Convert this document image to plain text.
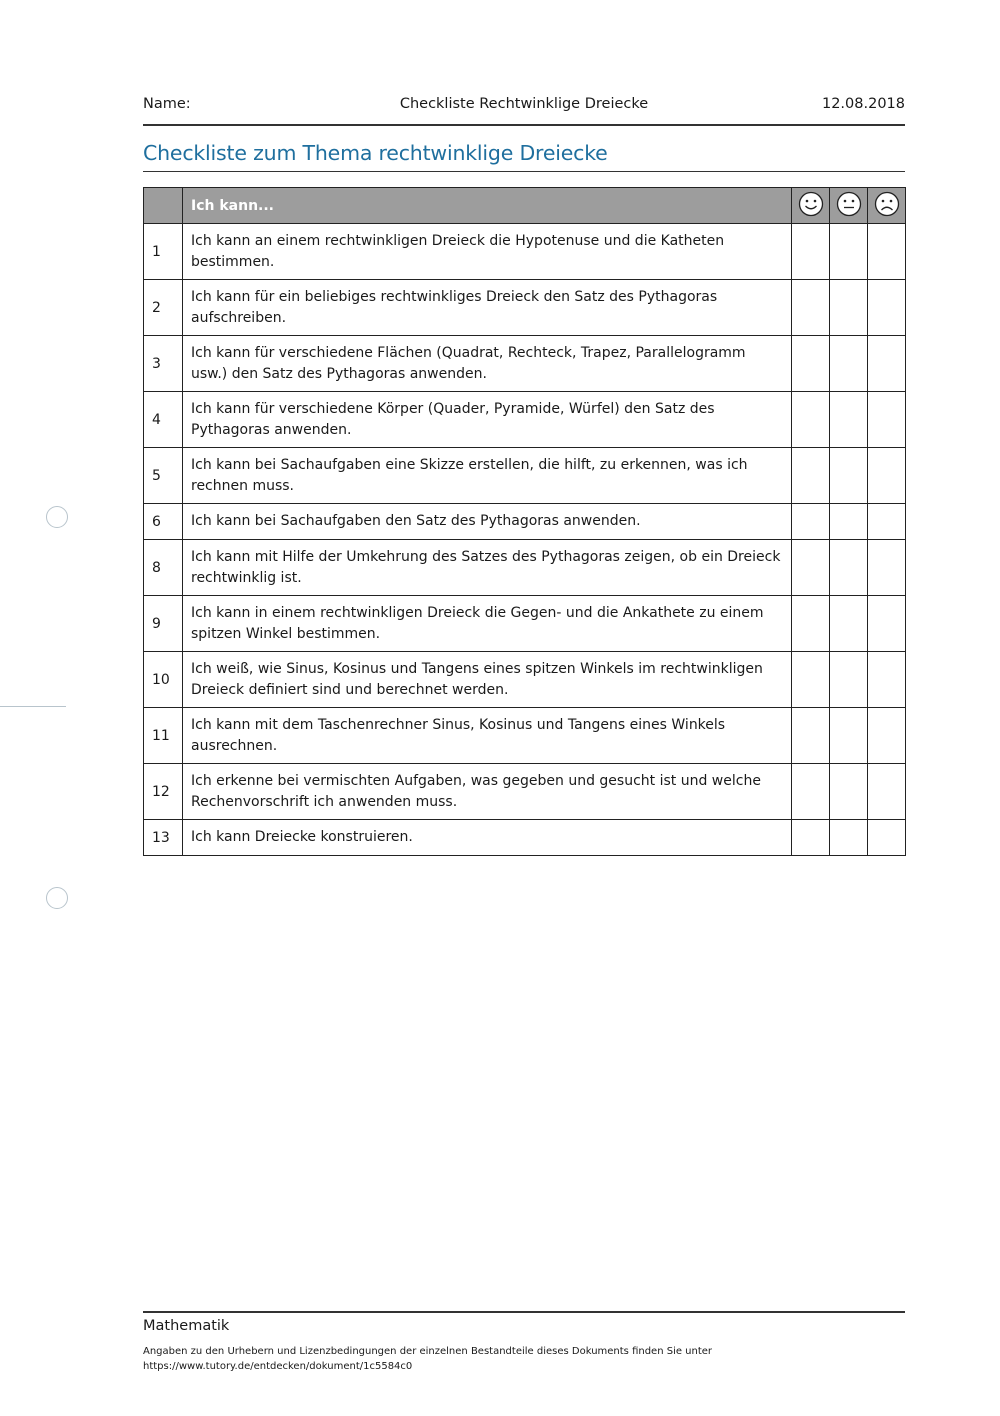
Name:	Checkliste Rechtwinklige Dreiecke	12.08.2018
Checkliste zum Thema rechtwinklige Dreiecke
	Ich kann...			
1	Ich kann an einem rechtwinkligen Dreieck die Hypotenuse und die Katheten bestimmen.			
2	Ich kann für ein beliebiges rechtwinkliges Dreieck den Satz des Pythagoras aufschreiben.			
3	Ich kann für verschiedene Flächen (Quadrat, Rechteck, Trapez, Parallelogramm usw.) den Satz des Pythagoras anwenden.			
4	Ich kann für verschiedene Körper (Quader, Pyramide, Würfel) den Satz des Pythagoras anwenden.			
5	Ich kann bei Sachaufgaben eine Skizze erstellen, die hilft, zu erkennen, was ich rechnen muss.			
6	Ich kann bei Sachaufgaben den Satz des Pythagoras anwenden.			
8	Ich kann mit Hilfe der Umkehrung des Satzes des Pythagoras zeigen, ob ein Dreieck rechtwinklig ist.			
9	Ich kann in einem rechtwinkligen Dreieck die Gegen- und die Ankathete zu einem spitzen Winkel bestimmen.			
10	Ich weiß, wie Sinus, Kosinus und Tangens eines spitzen Winkels im rechtwinkligen Dreieck definiert sind und berechnet werden.			
11	Ich kann mit dem Taschenrechner Sinus, Kosinus und Tangens eines Winkels ausrechnen.			
12	Ich erkenne bei vermischten Aufgaben, was gegeben und gesucht ist und welche Rechenvorschrift ich anwenden muss.			
13	Ich kann Dreiecke konstruieren.			
Mathematik
Angaben zu den Urhebern und Lizenzbedingungen der einzelnen Bestandteile dieses Dokuments finden Sie unter
https://www.tutory.de/entdecken/dokument/1c5584c0
